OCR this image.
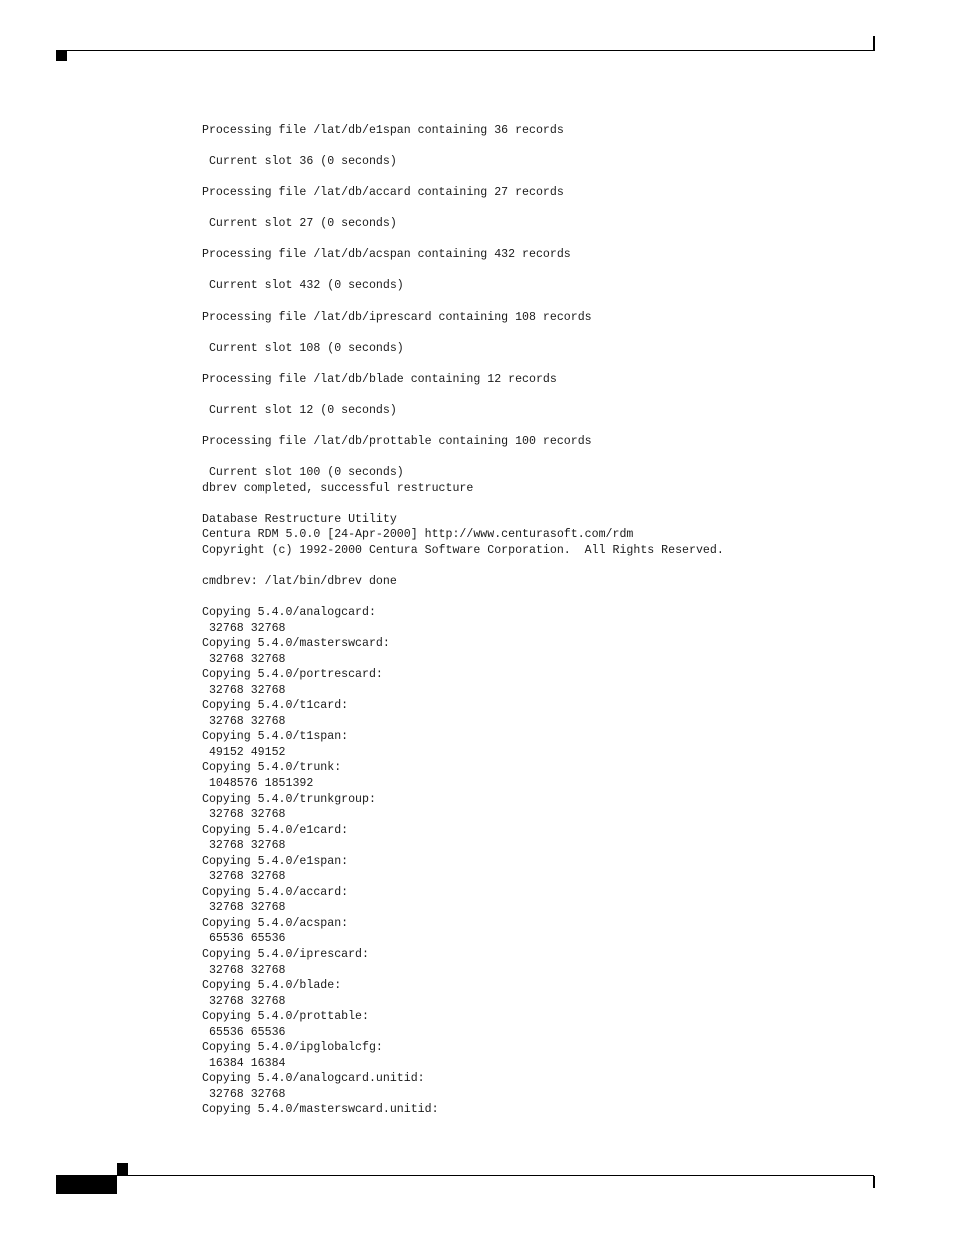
Processing file /lat/db/e1span containing 36 records
Current slot 36 (0 seconds)
Processing file /lat/db/accard containing 27 records
Current slot 27 (0 seconds)
Processing file /lat/db/acspan containing 432 records
Current slot 432 (0 seconds)
Processing file /lat/db/iprescard containing 108 records
Current slot 108 (0 seconds)
Processing file /lat/db/blade containing 12 records
Current slot 12 (0 seconds)
Processing file /lat/db/prottable containing 100 records
Current slot 100 (0 seconds)
dbrev completed, successful restructure
Database Restructure Utility
Centura RDM 5.0.0 [24-Apr-2000] http://www.centurasoft.com/rdm
Copyright (c) 1992-2000 Centura Software Corporation.  All Rights Reserved.
cmdbrev: /lat/bin/dbrev done
Copying 5.4.0/analogcard:
32768 32768
Copying 5.4.0/masterswcard:
32768 32768
Copying 5.4.0/portrescard:
32768 32768
Copying 5.4.0/t1card:
32768 32768
Copying 5.4.0/t1span:
49152 49152
Copying 5.4.0/trunk:
1048576 1851392
Copying 5.4.0/trunkgroup:
32768 32768
Copying 5.4.0/e1card:
32768 32768
Copying 5.4.0/e1span:
32768 32768
Copying 5.4.0/accard:
32768 32768
Copying 5.4.0/acspan:
65536 65536
Copying 5.4.0/iprescard:
32768 32768
Copying 5.4.0/blade:
32768 32768
Copying 5.4.0/prottable:
65536 65536
Copying 5.4.0/ipglobalcfg:
16384 16384
Copying 5.4.0/analogcard.unitid:
32768 32768
Copying 5.4.0/masterswcard.unitid:
